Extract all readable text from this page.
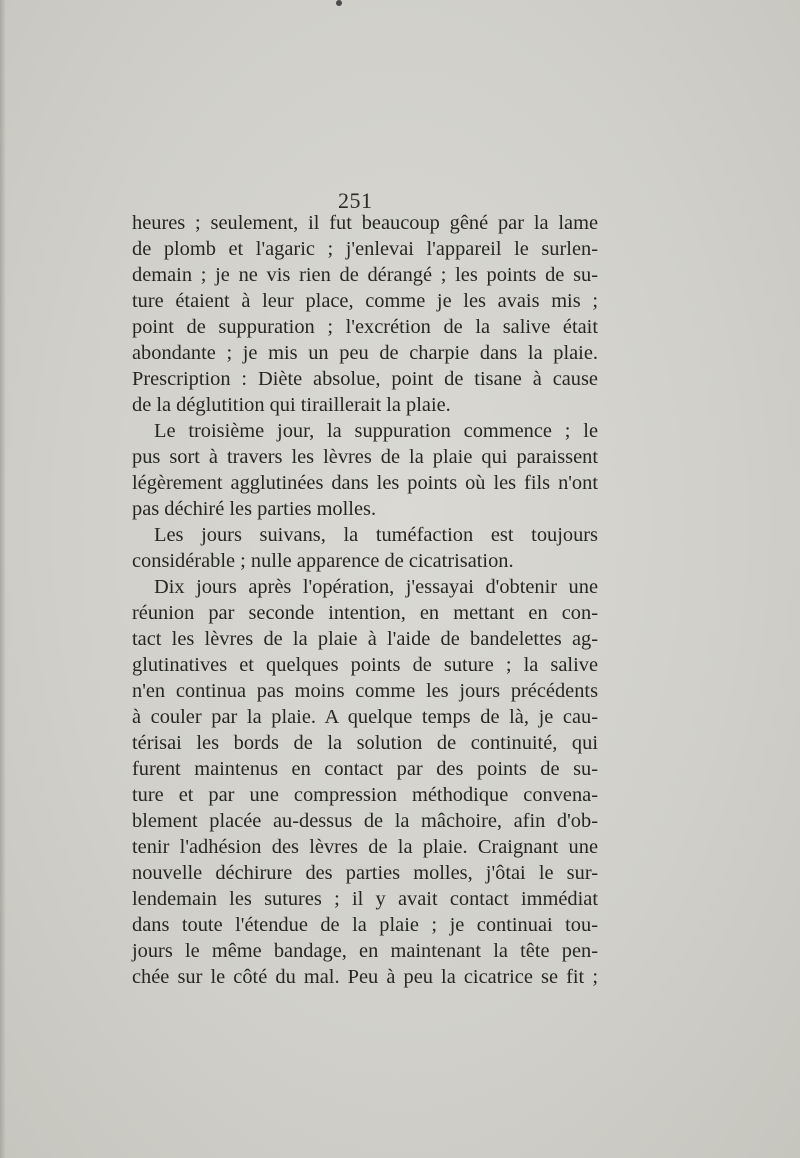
251
heures ; seulement, il fut beaucoup gêné par la lame
de plomb et l'agaric ; j'enlevai l'appareil le surlen-
demain ; je ne vis rien de dérangé ; les points de su-
ture étaient à leur place, comme je les avais mis ;
point de suppuration ; l'excrétion de la salive était
abondante ; je mis un peu de charpie dans la plaie.
Prescription : Diète absolue, point de tisane à cause
de la déglutition qui tiraillerait la plaie.
Le troisième jour, la suppuration commence ; le
pus sort à travers les lèvres de la plaie qui paraissent
légèrement agglutinées dans les points où les fils n'ont
pas déchiré les parties molles.
Les jours suivans, la tuméfaction est toujours
considérable ; nulle apparence de cicatrisation.
Dix jours après l'opération, j'essayai d'obtenir une
réunion par seconde intention, en mettant en con-
tact les lèvres de la plaie à l'aide de bandelettes ag-
glutinatives et quelques points de suture ; la salive
n'en continua pas moins comme les jours précédents
à couler par la plaie. A quelque temps de là, je cau-
térisai les bords de la solution de continuité, qui
furent maintenus en contact par des points de su-
ture et par une compression méthodique convena-
blement placée au-dessus de la mâchoire, afin d'ob-
tenir l'adhésion des lèvres de la plaie. Craignant une
nouvelle déchirure des parties molles, j'ôtai le sur-
lendemain les sutures ; il y avait contact immédiat
dans toute l'étendue de la plaie ; je continuai tou-
jours le même bandage, en maintenant la tête pen-
chée sur le côté du mal. Peu à peu la cicatrice se fit ;
